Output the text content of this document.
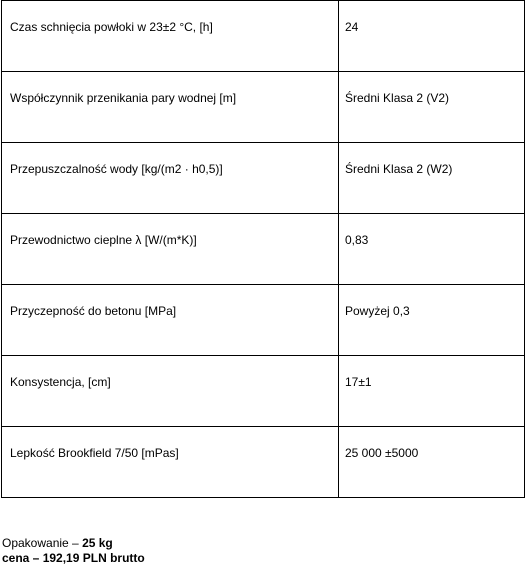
Czas schnięcia powłoki w 23±2 °C, [h]	24
Współczynnik przenikania pary wodnej [m]	Średni Klasa 2 (V2)
Przepuszczalność wody [kg/(m2 · h0,5)]	Średni Klasa 2 (W2)
Przewodnictwo cieplne λ [W/(m*K)]	0,83
Przyczepność do betonu [MPa]	Powyżej 0,3
Konsystencja, [cm]	17±1
Lepkość Brookfield 7/50 [mPas]	25 000 ±5000
Opakowanie – 25 kg
cena – 192,19 PLN brutto
